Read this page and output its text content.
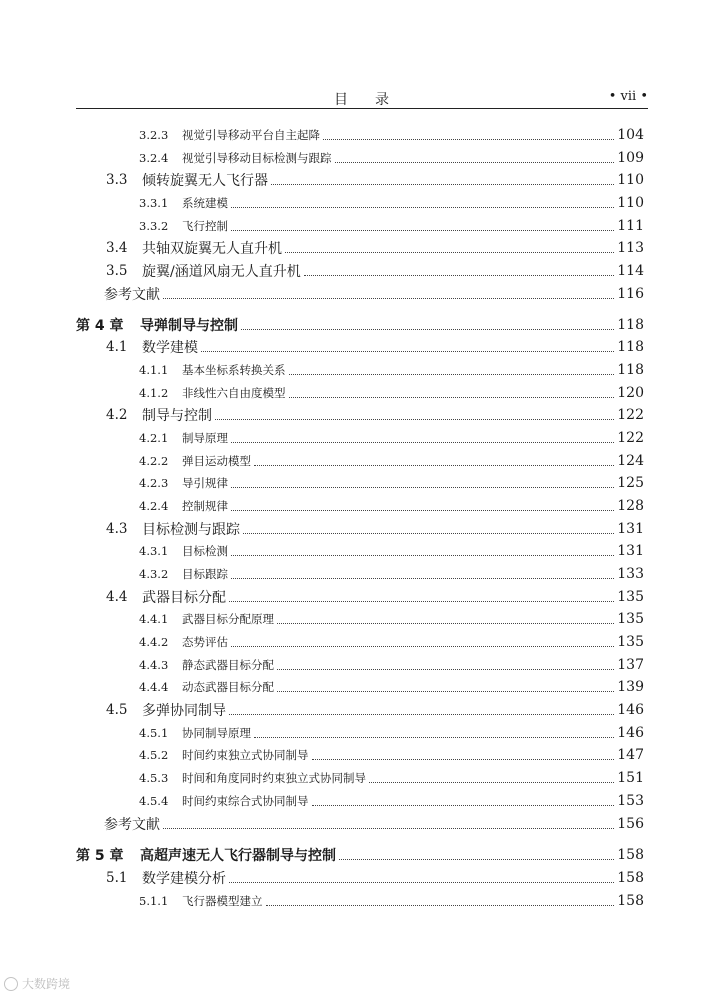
目 录	• vii •
3.2.3	视觉引导移动平台自主起降	104
3.2.4	视觉引导移动目标检测与跟踪	109
3.3	倾转旋翼无人飞行器	110
3.3.1	系统建模	110
3.3.2	飞行控制	111
3.4	共轴双旋翼无人直升机	113
3.5	旋翼/涵道风扇无人直升机	114
参考文献	116
第 4 章	导弹制导与控制	118
4.1	数学建模	118
4.1.1	基本坐标系转换关系	118
4.1.2	非线性六自由度模型	120
4.2	制导与控制	122
4.2.1	制导原理	122
4.2.2	弹目运动模型	124
4.2.3	导引规律	125
4.2.4	控制规律	128
4.3	目标检测与跟踪	131
4.3.1	目标检测	131
4.3.2	目标跟踪	133
4.4	武器目标分配	135
4.4.1	武器目标分配原理	135
4.4.2	态势评估	135
4.4.3	静态武器目标分配	137
4.4.4	动态武器目标分配	139
4.5	多弹协同制导	146
4.5.1	协同制导原理	146
4.5.2	时间约束独立式协同制导	147
4.5.3	时间和角度同时约束独立式协同制导	151
4.5.4	时间约束综合式协同制导	153
参考文献	156
第 5 章	高超声速无人飞行器制导与控制	158
5.1	数学建模分析	158
5.1.1	飞行器模型建立	158
大数跨境
